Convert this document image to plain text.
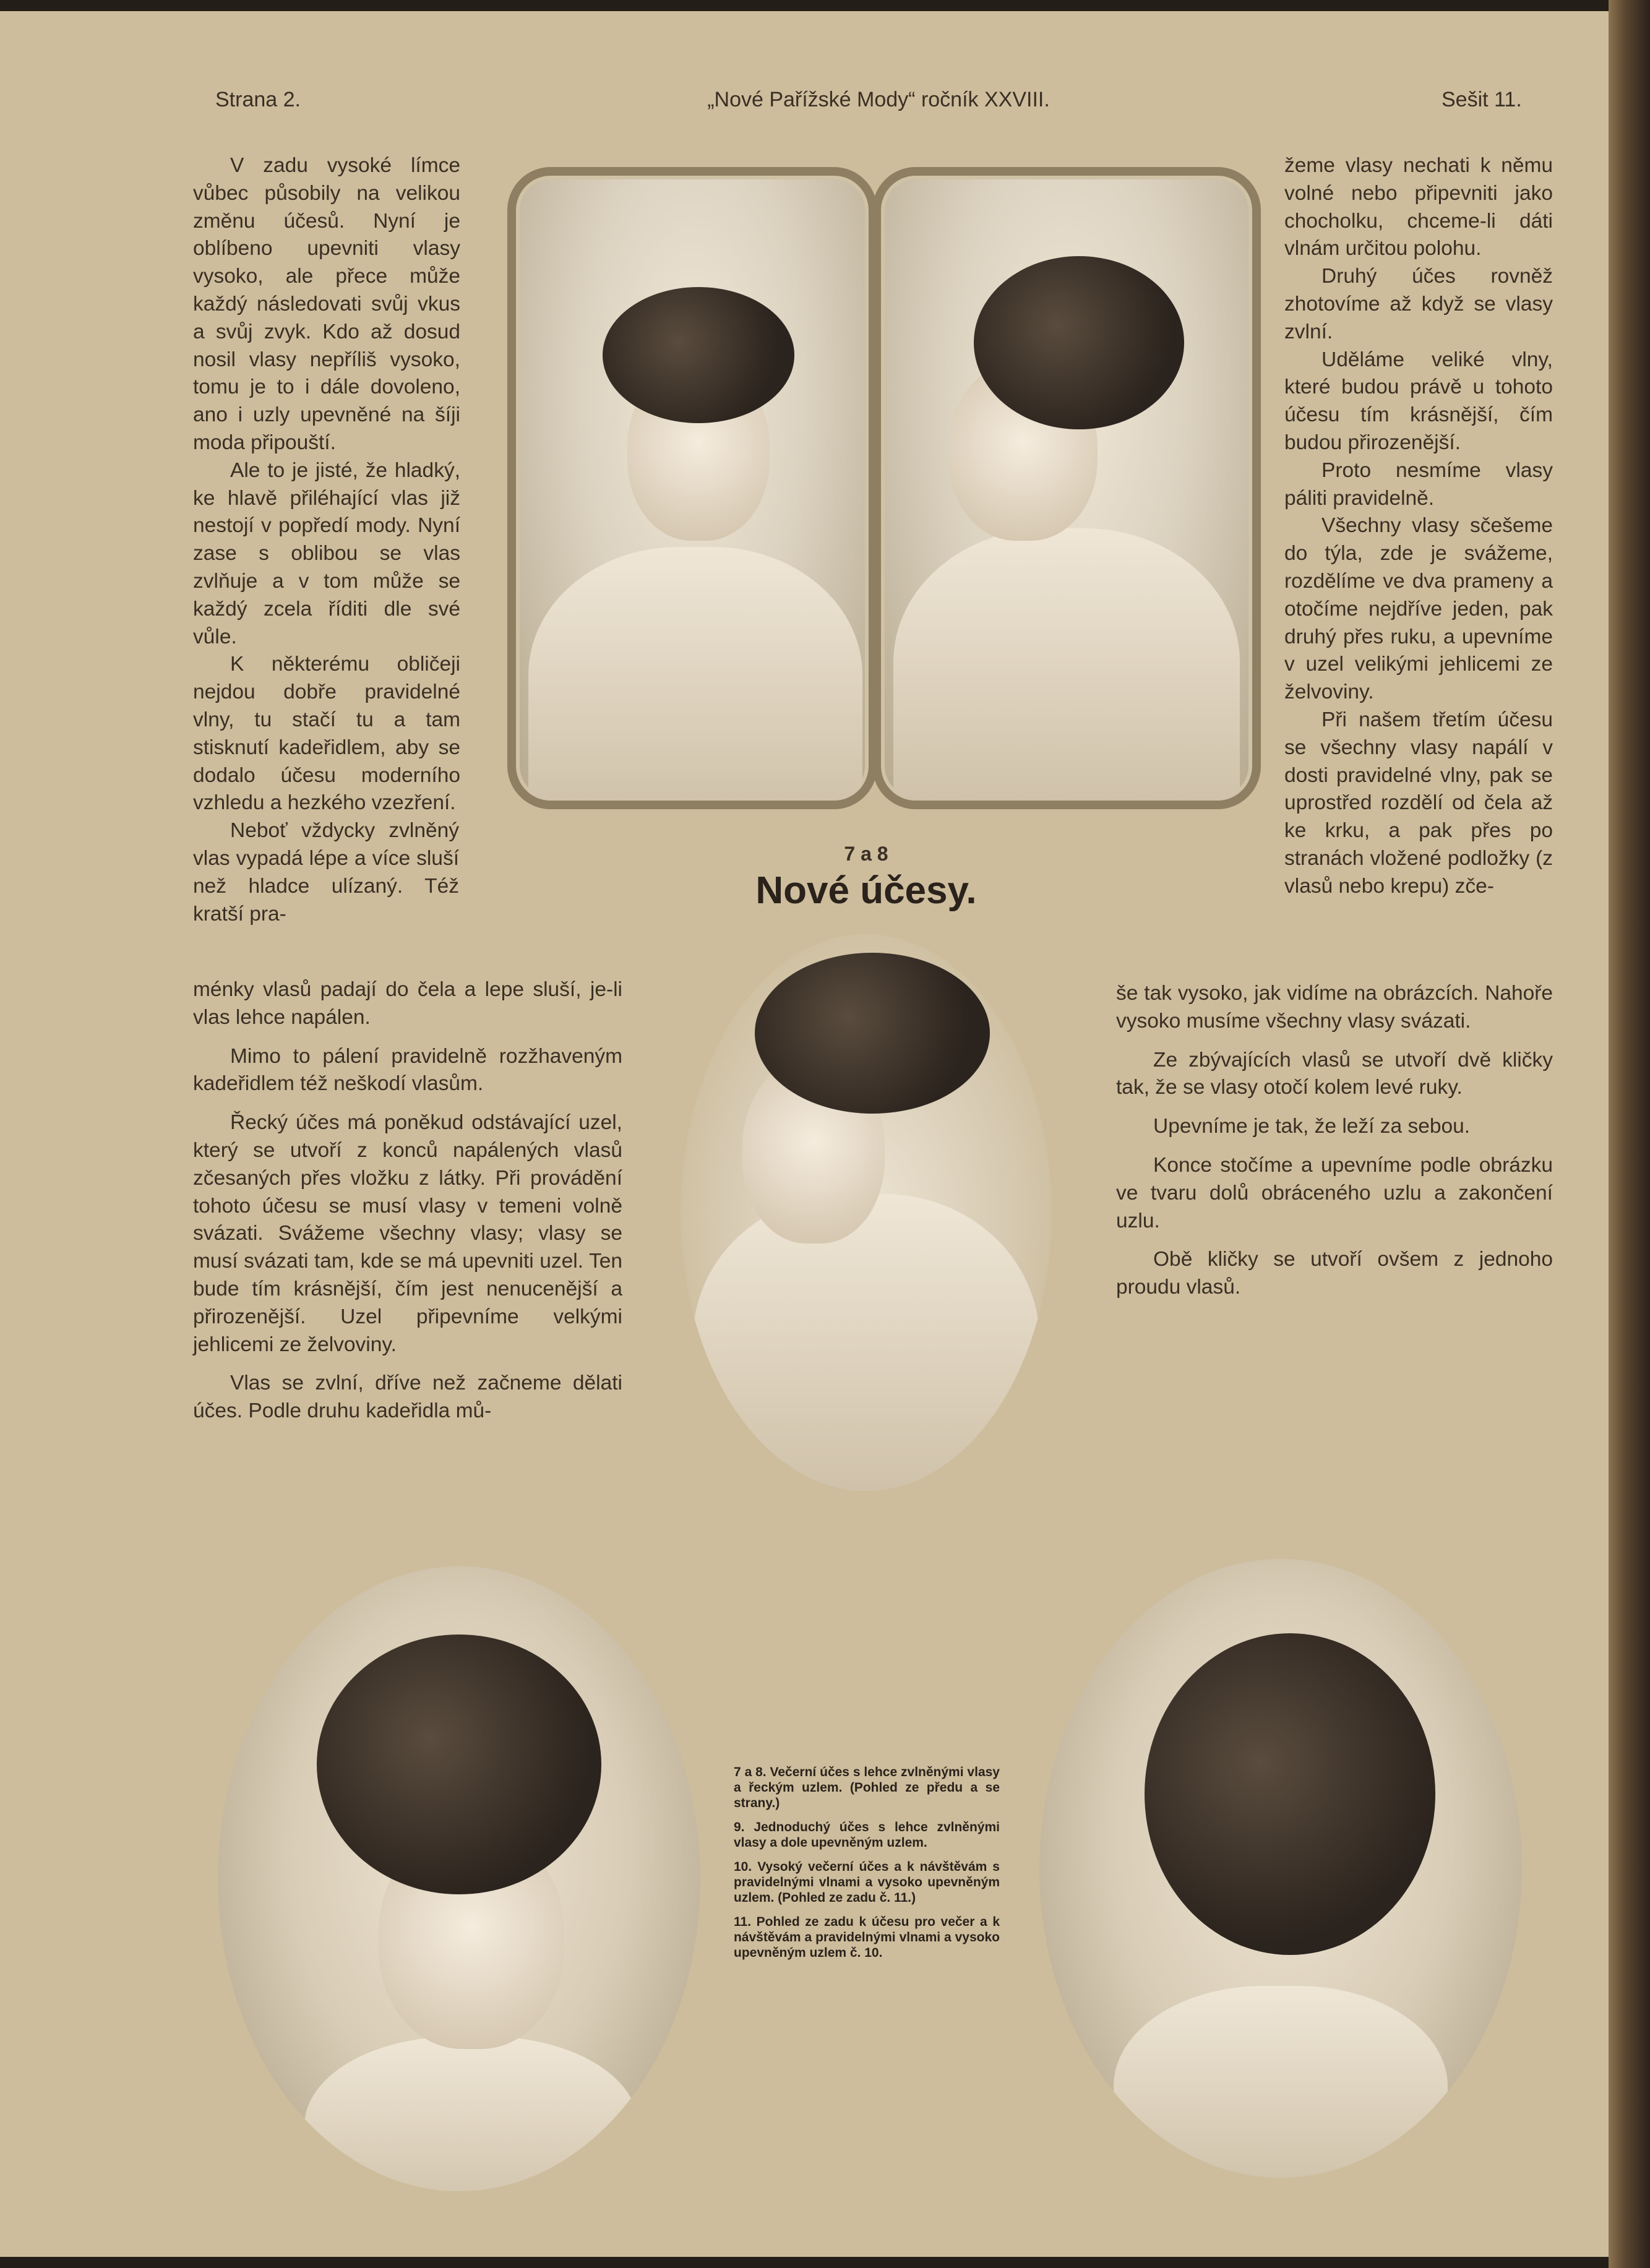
Strana 2.	„Nové Pařížské Mody“ ročník XXVIII.	Sešit 11.

V zadu vysoké límce vůbec působily na velikou změnu účesů. Nyní je oblíbeno upevniti vlasy vysoko, ale přece může každý následovati svůj vkus a svůj zvyk. Kdo až dosud nosil vlasy nepříliš vysoko, tomu je to i dále dovoleno, ano i uzly upevněné na šíji moda připouští.

Ale to je jisté, že hladký, ke hlavě přiléhající vlas již nestojí v popředí mody. Nyní zase s oblibou se vlas zvlňuje a v tom může se každý zcela říditi dle své vůle.

K některému obličeji nejdou dobře pravidelné vlny, tu stačí tu a tam stisknutí kadeřidlem, aby se dodalo účesu moderního vzhledu a hezkého vzezření.

Neboť vždycky zvlněný vlas vypadá lépe a více sluší než hladce ulízaný. Též kratší pra-

ménky vlasů padají do čela a lepe sluší, je-li vlas lehce napálen.

Mimo to pálení pravidelně rozžhaveným kadeřidlem též neškodí vlasům.

Řecký účes má poněkud odstávající uzel, který se utvoří z konců napálených vlasů zčesaných přes vložku z látky. Při provádění tohoto účesu se musí vlasy v temeni volně svázati. Svážeme všechny vlasy; vlasy se musí svázati tam, kde se má upevniti uzel. Ten bude tím krásnější, čím jest nenucenější a přirozenější. Uzel připevníme velkými jehlicemi ze želvoviny.

Vlas se zvlní, dříve než začneme dělati účes. Podle druhu kadeřidla mů-

žeme vlasy nechati k němu volné nebo připevniti jako chocholku, chceme-li dáti vlnám určitou polohu.

Druhý účes rovněž zhotovíme až když se vlasy zvlní.

Uděláme veliké vlny, které budou právě u tohoto účesu tím krásnější, čím budou přirozenější.

Proto nesmíme vlasy páliti pravidelně.

Všechny vlasy sčešeme do týla, zde je svážeme, rozdělíme ve dva prameny a otočíme nejdříve jeden, pak druhý přes ruku, a upevníme v uzel velikými jehlicemi ze želvoviny.

Při našem třetím účesu se všechny vlasy napálí v dosti pravidelné vlny, pak se uprostřed rozdělí od čela až ke krku, a pak přes po stranách vložené podložky (z vlasů nebo krepu) zče-

še tak vysoko, jak vidíme na obrázcích. Nahoře vysoko musíme všechny vlasy svázati.

Ze zbývajících vlasů se utvoří dvě kličky tak, že se vlasy otočí kolem levé ruky.

Upevníme je tak, že leží za sebou.

Konce stočíme a upevníme podle obrázku ve tvaru dolů obráceného uzlu a zakončení uzlu.

Obě kličky se utvoří ovšem z jednoho proudu vlasů.

7 a 8
Nové účesy.

7 a 8. Večerní účes s lehce zvlněnými vlasy a řeckým uzlem. (Pohled ze předu a se strany.)

9. Jednoduchý účes s lehce zvlněnými vlasy a dole upevněným uzlem.

10. Vysoký večerní účes a k návštěvám s pravidelnými vlnami a vysoko upevněným uzlem. (Pohled ze zadu č. 11.)

11. Pohled ze zadu k účesu pro večer a k návštěvám a pravidelnými vlnami a vysoko upevněným uzlem č. 10.
